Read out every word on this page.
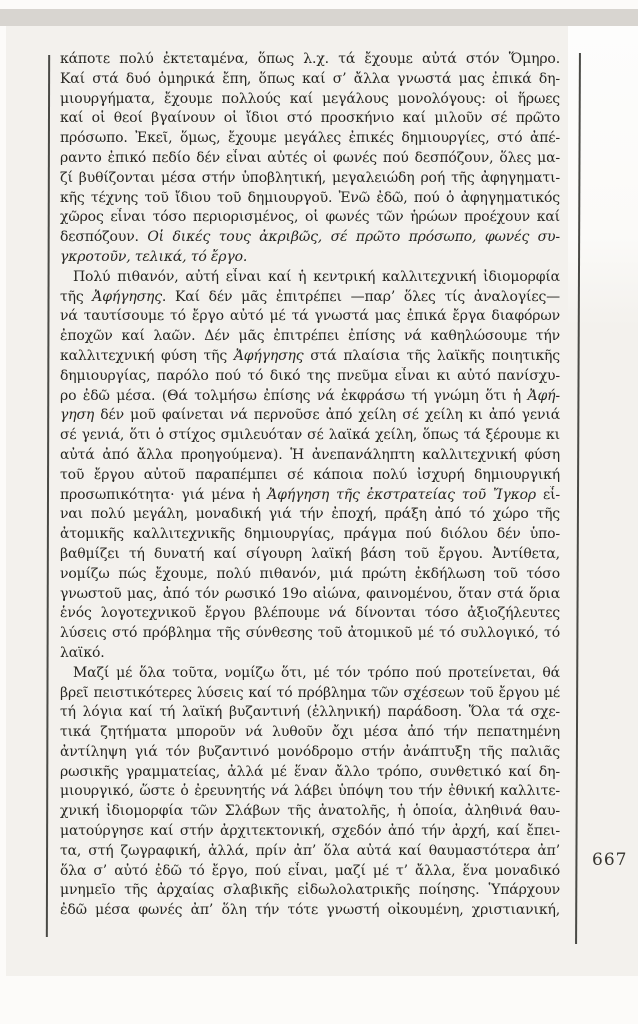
κάποτε πολύ ἐκτεταμένα, ὅπως λ.χ. τά ἔχουμε αὐτά στόν Ὅμηρο.
Καί στά δυό ὁμηρικά ἔπη, ὅπως καί σ’ ἄλλα γνωστά μας ἐπικά δη-
μιουργήματα, ἔχουμε πολλούς καί μεγάλους μονολόγους: οἱ ἥρωες
καί οἱ θεοί βγαίνουν οἱ ἴδιοι στό προσκήνιο καί μιλοῦν σέ πρῶτο
πρόσωπο. Ἐκεῖ, ὅμως, ἔχουμε μεγάλες ἐπικές δημιουργίες, στό ἀπέ-
ραντο ἐπικό πεδίο δέν εἶναι αὐτές οἱ φωνές πού δεσπόζουν, ὅλες μα-
ζί βυθίζονται μέσα στήν ὑποβλητική, μεγαλειώδη ροή τῆς ἀφηγηματι-
κῆς τέχνης τοῦ ἴδιου τοῦ δημιουργοῦ. Ἐνῶ ἐδῶ, πού ὁ ἀφηγηματικός
χῶρος εἶναι τόσο περιορισμένος, οἱ φωνές τῶν ἡρώων προέχουν καί
δεσπόζουν. Οἱ δικές τους ἀκριβῶς, σέ πρῶτο πρόσωπο, φωνές συ-
γκροτοῦν, τελικά, τό ἔργο.
Πολύ πιθανόν, αὐτή εἶναι καί ἡ κεντρική καλλιτεχνική ἰδιομορφία
τῆς Ἀφήγησης. Καί δέν μᾶς ἐπιτρέπει —παρ’ ὅλες τίς ἀναλογίες—
νά ταυτίσουμε τό ἔργο αὐτό μέ τά γνωστά μας ἐπικά ἔργα διαφόρων
ἐποχῶν καί λαῶν. Δέν μᾶς ἐπιτρέπει ἐπίσης νά καθηλώσουμε τήν
καλλιτεχνική φύση τῆς Ἀφήγησης στά πλαίσια τῆς λαϊκῆς ποιητικῆς
δημιουργίας, παρόλο πού τό δικό της πνεῦμα εἶναι κι αὐτό πανίσχυ-
ρο ἐδῶ μέσα. (Θά τολμήσω ἐπίσης νά ἐκφράσω τή γνώμη ὅτι ἡ Ἀφή-
γηση δέν μοῦ φαίνεται νά περνοῦσε ἀπό χείλη σέ χείλη κι ἀπό γενιά
σέ γενιά, ὅτι ὁ στίχος σμιλευόταν σέ λαϊκά χείλη, ὅπως τά ξέρουμε κι
αὐτά ἀπό ἄλλα προηγούμενα). Ἡ ἀνεπανάληπτη καλλιτεχνική φύση
τοῦ ἔργου αὐτοῦ παραπέμπει σέ κάποια πολύ ἰσχυρή δημιουργική
προσωπικότητα· γιά μένα ἡ Ἀφήγηση τῆς ἐκστρατείας τοῦ Ἴγκορ εἶ-
ναι πολύ μεγάλη, μοναδική γιά τήν ἐποχή, πράξη ἀπό τό χώρο τῆς
ἀτομικῆς καλλιτεχνικῆς δημιουργίας, πράγμα πού διόλου δέν ὑπο-
βαθμίζει τή δυνατή καί σίγουρη λαϊκή βάση τοῦ ἔργου. Ἀντίθετα,
νομίζω πώς ἔχουμε, πολύ πιθανόν, μιά πρώτη ἐκδήλωση τοῦ τόσο
γνωστοῦ μας, ἀπό τόν ρωσικό 19ο αἰώνα, φαινομένου, ὅταν στά ὅρια
ἑνός λογοτεχνικοῦ ἔργου βλέπουμε νά δίνονται τόσο ἀξιοζήλευτες
λύσεις στό πρόβλημα τῆς σύνθεσης τοῦ ἀτομικοῦ μέ τό συλλογικό, τό
λαϊκό.
Μαζί μέ ὅλα τοῦτα, νομίζω ὅτι, μέ τόν τρόπο πού προτείνεται, θά
βρεῖ πειστικότερες λύσεις καί τό πρόβλημα τῶν σχέσεων τοῦ ἔργου μέ
τή λόγια καί τή λαϊκή βυζαντινή (ἑλληνική) παράδοση. Ὅλα τά σχε-
τικά ζητήματα μποροῦν νά λυθοῦν ὄχι μέσα ἀπό τήν πεπατημένη
ἀντίληψη γιά τόν βυζαντινό μονόδρομο στήν ἀνάπτυξη τῆς παλιᾶς
ρωσικῆς γραμματείας, ἀλλά μέ ἕναν ἄλλο τρόπο, συνθετικό καί δη-
μιουργικό, ὥστε ὁ ἐρευνητής νά λάβει ὑπόψη του τήν ἐθνική καλλιτε-
χνική ἰδιομορφία τῶν Σλάβων τῆς ἀνατολῆς, ἡ ὁποία, ἀληθινά θαυ-
ματούργησε καί στήν ἀρχιτεκτονική, σχεδόν ἀπό τήν ἀρχή, καί ἔπει-
τα, στή ζωγραφική, ἀλλά, πρίν ἀπ’ ὅλα αὐτά καί θαυμαστότερα ἀπ’
ὅλα σ’ αὐτό ἐδῶ τό ἔργο, πού εἶναι, μαζί μέ τ’ ἄλλα, ἕνα μοναδικό
μνημεῖο τῆς ἀρχαίας σλαβικῆς εἰδωλολατρικῆς ποίησης. Ὑπάρχουν
ἐδῶ μέσα φωνές ἀπ’ ὅλη τήν τότε γνωστή οἰκουμένη, χριστιανική,
667
